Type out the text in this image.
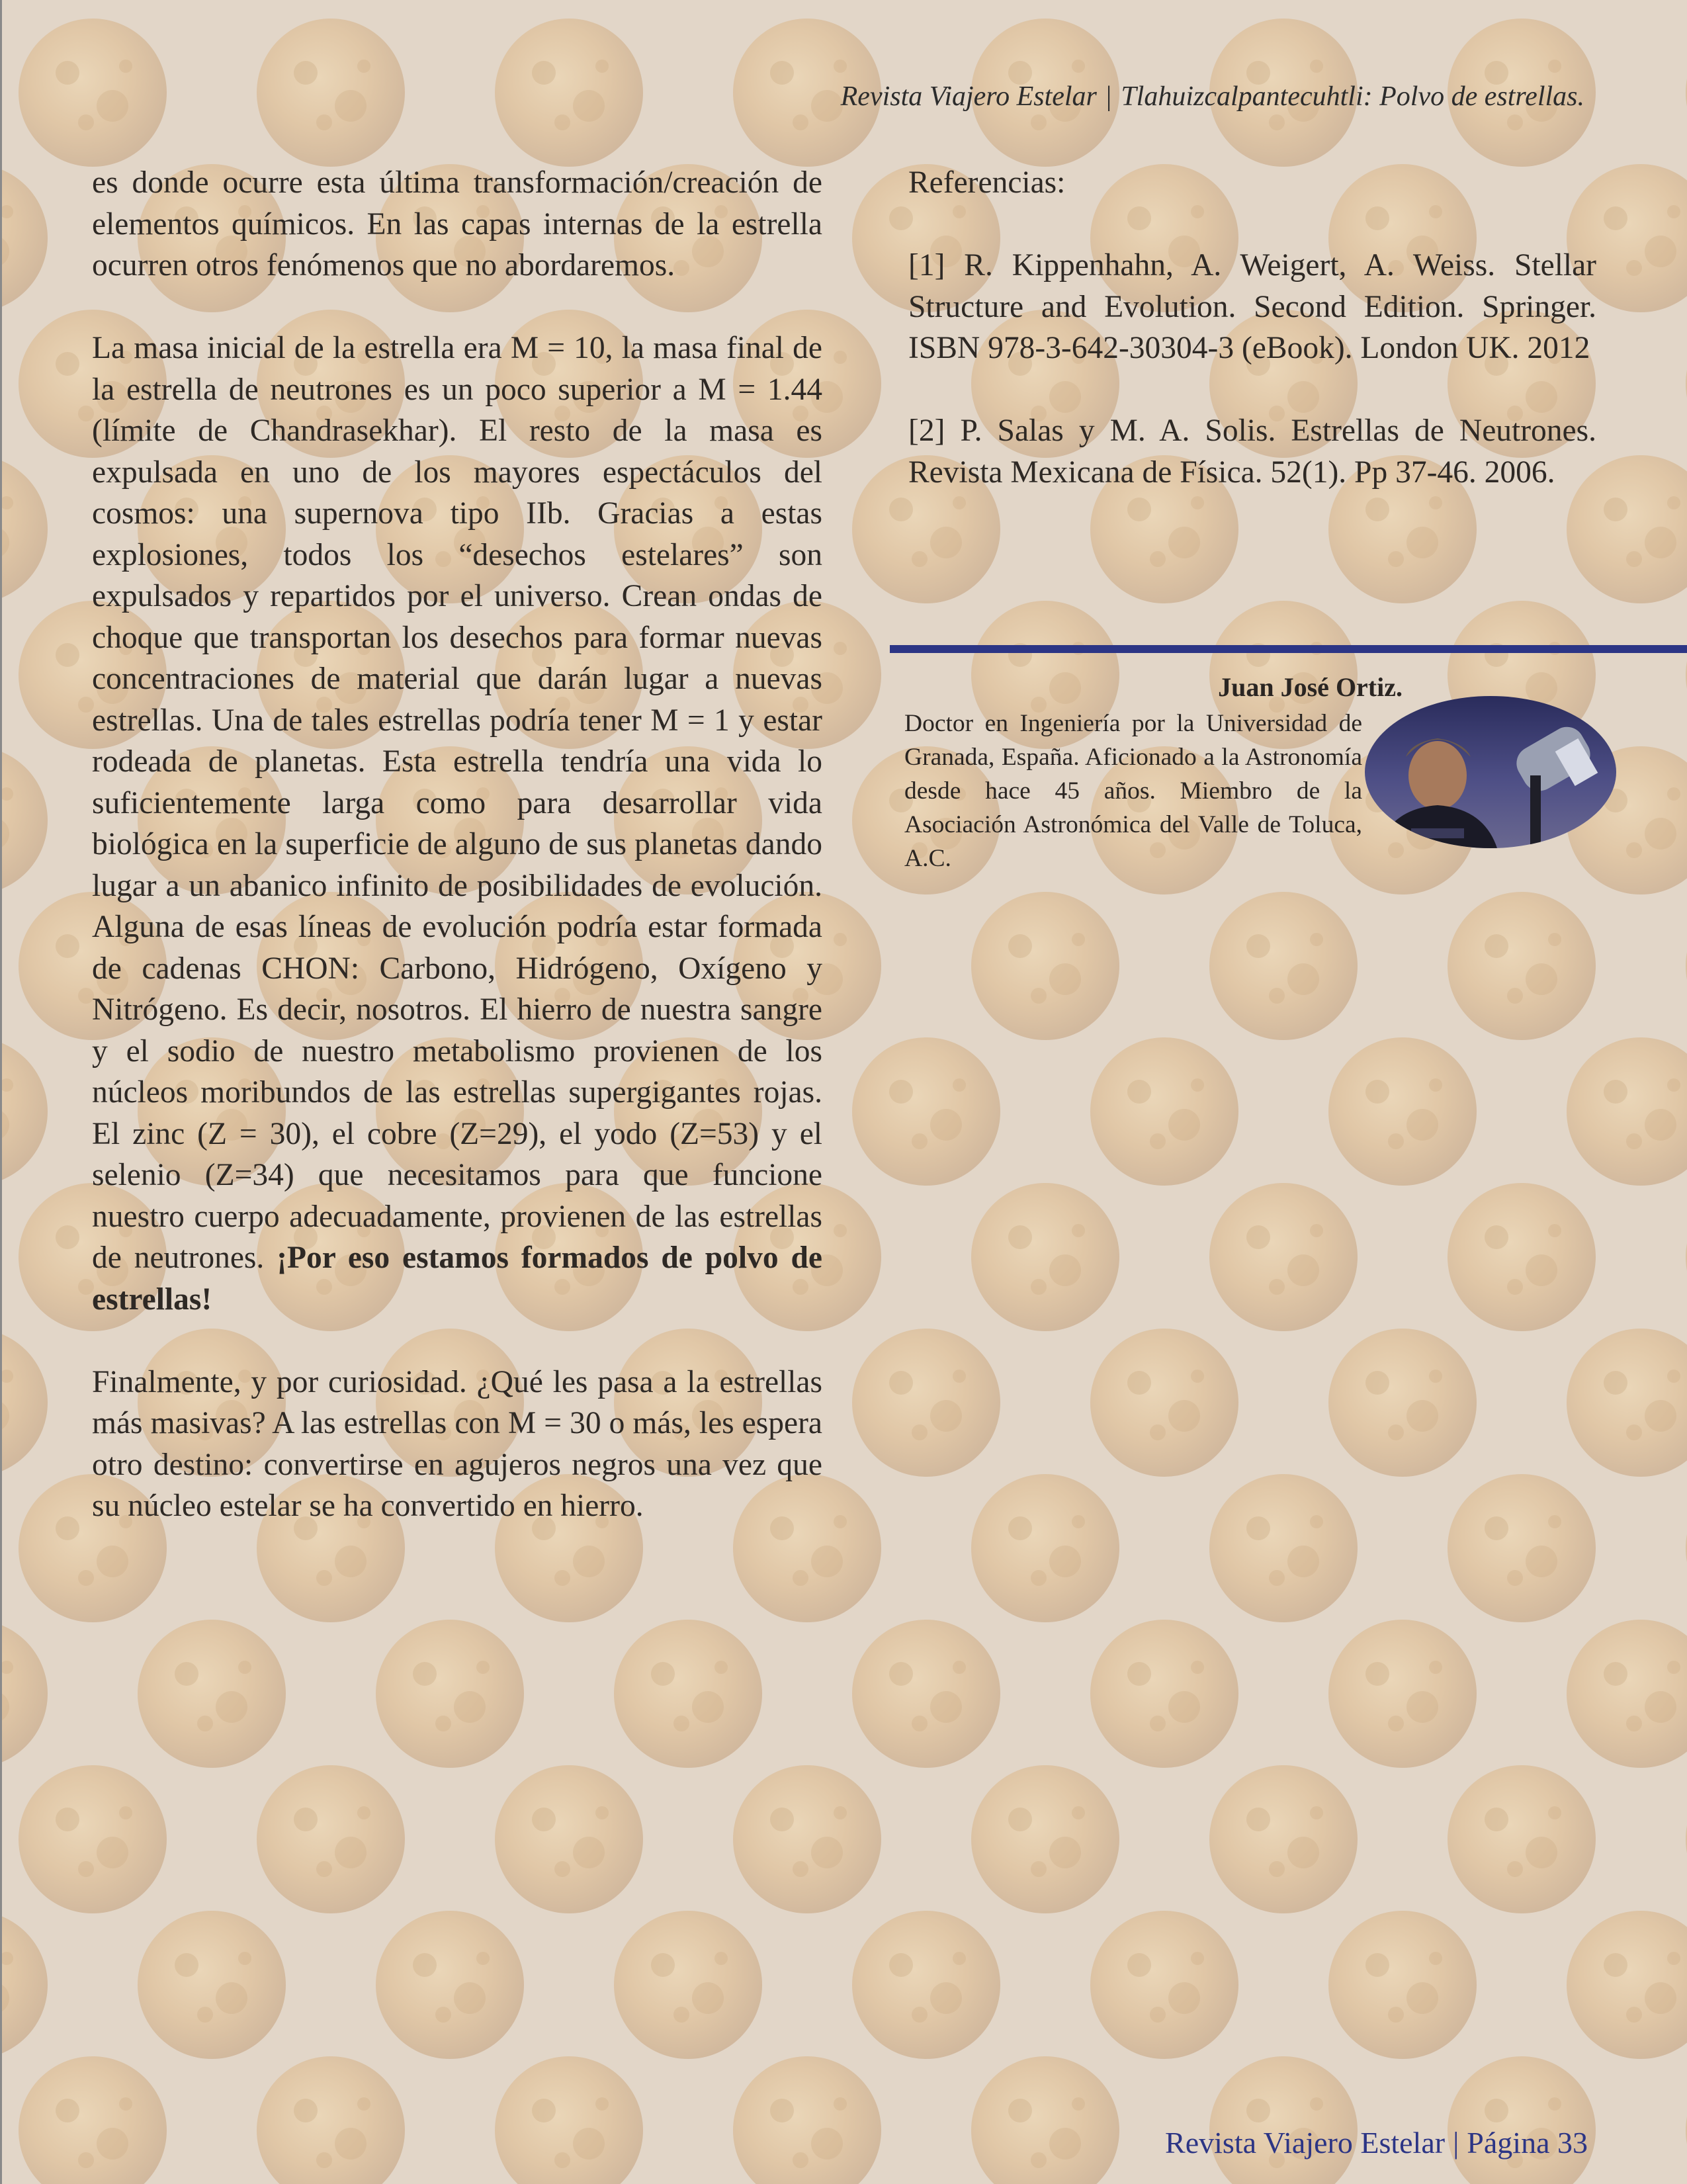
Revista Viajero Estelar | Tlahuizcalpantecuhtli: Polvo de estrellas.

es donde ocurre esta última transformación/creación de elementos químicos. En las capas internas de la estrella ocurren otros fenómenos que no abordaremos.

La masa inicial de la estrella era M = 10, la masa final de la estrella de neutrones es un poco superior a M = 1.44 (límite de Chandrasekhar). El resto de la masa es expulsada en uno de los mayores espectáculos del cosmos: una supernova tipo IIb. Gracias a estas explosiones, todos los “desechos estelares” son expulsados y repartidos por el universo. Crean ondas de choque que transportan los desechos para formar nuevas concentraciones de material que darán lugar a nuevas estrellas. Una de tales estrellas podría tener M = 1 y estar rodeada de planetas. Esta estrella tendría una vida lo suficientemente larga como para desarrollar vida biológica en la superficie de alguno de sus planetas dando lugar a un abanico infinito de posibilidades de evolución. Alguna de esas líneas de evolución podría estar formada de cadenas CHON: Carbono, Hidrógeno, Oxígeno y Nitrógeno. Es decir, nosotros. El hierro de nuestra sangre y el sodio de nuestro metabolismo provienen de los núcleos moribundos de las estrellas supergigantes rojas. El zinc (Z = 30), el cobre (Z=29), el yodo (Z=53) y el selenio (Z=34) que necesitamos para que funcione nuestro cuerpo adecuadamente, provienen de las estrellas de neutrones. ¡Por eso estamos formados de polvo de estrellas!

Finalmente, y por curiosidad. ¿Qué les pasa a la estrellas más masivas? A las estrellas con M = 30 o más, les espera otro destino: convertirse en agujeros negros una vez que su núcleo estelar se ha convertido en hierro.

Referencias:

[1] R. Kippenhahn, A. Weigert, A. Weiss. Stellar Structure and Evolution. Second Edition. Springer. ISBN 978-3-642-30304-3 (eBook). London UK. 2012

[2] P. Salas y M. A. Solis. Estrellas de Neutrones. Revista Mexicana de Física. 52(1). Pp 37-46. 2006.

Juan José Ortiz.
Doctor en Ingeniería por la Universidad de Granada, España. Aficionado a la Astronomía desde hace 45 años. Miembro de la Asociación Astronómica del Valle de Toluca, A.C.
Revista Viajero Estelar | Página 33
